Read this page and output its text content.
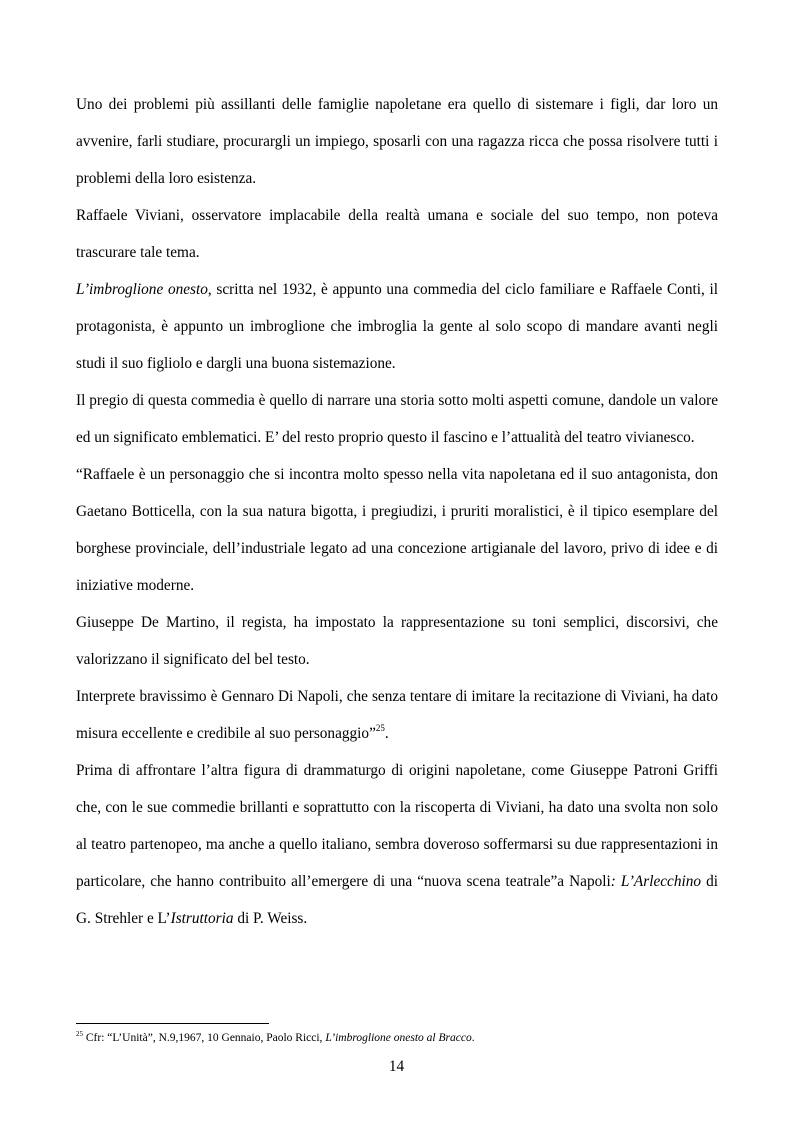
Uno dei problemi più assillanti delle famiglie napoletane era quello di sistemare i figli, dar loro un avvenire, farli studiare, procurargli un impiego, sposarli con una ragazza ricca che possa risolvere tutti i problemi della loro esistenza.

Raffaele Viviani, osservatore implacabile della realtà umana e sociale del suo tempo, non poteva trascurare tale tema.

L’imbroglione onesto, scritta nel 1932, è appunto una commedia del ciclo familiare e Raffaele Conti, il protagonista, è appunto un imbroglione che imbroglia la gente al solo scopo di mandare avanti negli studi il suo figliolo e dargli una buona sistemazione.

Il pregio di questa commedia è quello di narrare una storia sotto molti aspetti comune, dandole un valore ed un significato emblematici. E’ del resto proprio questo il fascino e l’attualità del teatro vivianesco.

“Raffaele è un personaggio che si incontra molto spesso nella vita napoletana ed il suo antagonista, don Gaetano Botticella, con la sua natura bigotta, i pregiudizi, i pruriti moralistici, è il tipico esemplare del borghese provinciale, dell’industriale legato ad una concezione artigianale del lavoro, privo di idee e di iniziative moderne.

Giuseppe De Martino, il regista, ha impostato la rappresentazione su toni semplici, discorsivi, che valorizzano il significato del bel testo.

Interprete bravissimo è Gennaro Di Napoli, che senza tentare di imitare la recitazione di Viviani, ha dato misura eccellente e credibile al suo personaggio”$^{25}$.

Prima di affrontare l’altra figura di drammaturgo di origini napoletane, come Giuseppe Patroni Griffi che, con le sue commedie brillanti e soprattutto con la riscoperta di Viviani, ha dato una svolta non solo al teatro partenopeo, ma anche a quello italiano, sembra doveroso soffermarsi su due rappresentazioni in particolare, che hanno contribuito all’emergere di una “nuova scena teatrale”a Napoli: L’Arlecchino di G. Strehler e L’Istruttoria di P. Weiss.

$^{25}$ Cfr: “L’Unità”, N.9,1967, 10 Gennaio, Paolo Ricci, L’imbroglione onesto al Bracco.
14
